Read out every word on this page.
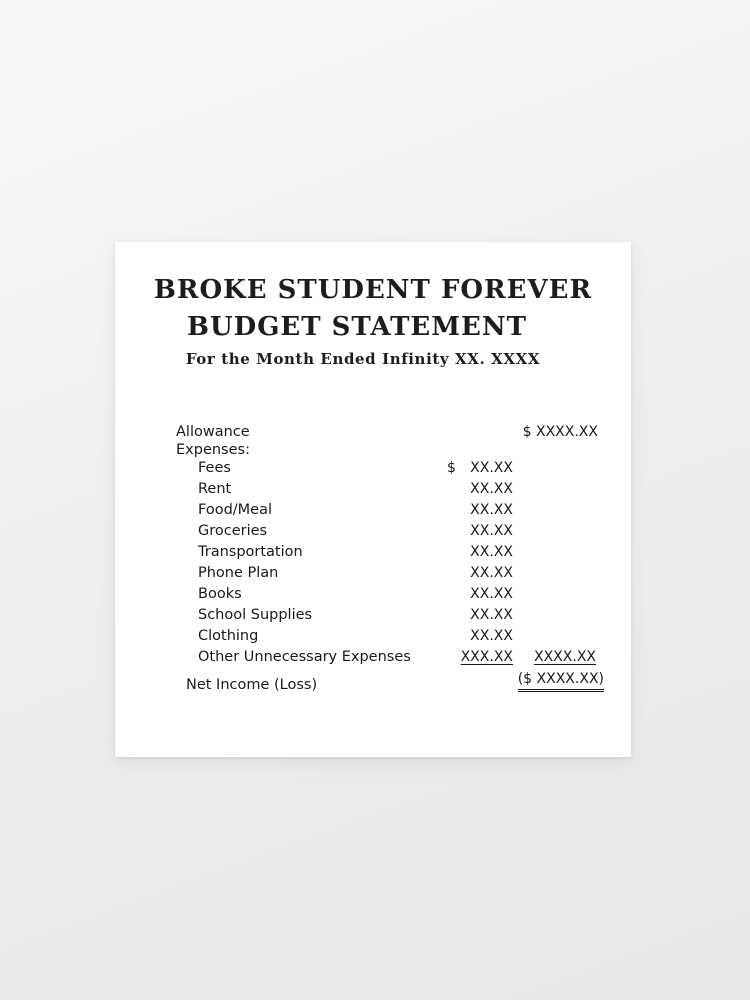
BROKE STUDENT FOREVER
BUDGET STATEMENT
For the Month Ended Infinity XX. XXXX
Allowance	$ XXXX.XX
Expenses:
Fees	$ XX.XX
Rent	XX.XX
Food/Meal	XX.XX
Groceries	XX.XX
Transportation	XX.XX
Phone Plan	XX.XX
Books	XX.XX
School Supplies	XX.XX
Clothing	XX.XX
Other Unnecessary Expenses	XXX.XX XXXX.XX
Net Income (Loss)	($ XXXX.XX)
